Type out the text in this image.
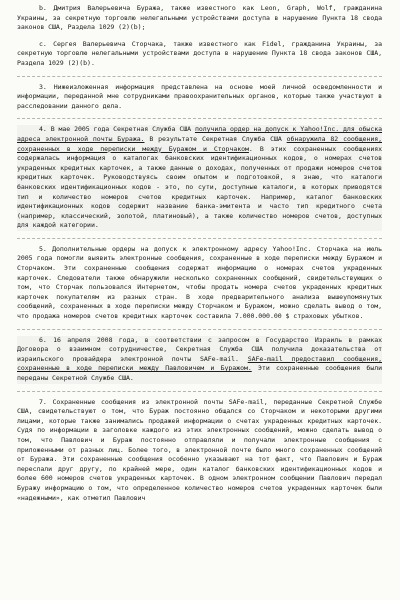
b. Дмитрия Валерьевича Буража, также известного как Leon, Graph, Wolf, гражданина Украины, за секретную торговлю нелегальными устройствами доступа в нарушение Пункта 18 свода законов США, Раздела 1029 (2)(b);

c. Сергея Валерьевича Сторчака, также известного как Fidel, гражданина Украины, за секретную торговлю нелегальными устройствами доступа в нарушение Пункта 18 свода законов США, Раздела 1029 (2)(b).

3. Нижеизложенная информация представлена на основе моей личной осведомленности и информации, переданной мне сотрудниками правоохранительных органов, которые также участвуют в расследовании данного дела.

4. В мае 2005 года Секретная Служба США получила ордер на допуск к Yahoo!Inc. для обыска адреса электронной почты Буража. В результате Секретная Служба США обнаружила 82 сообщения, сохраненных в ходе переписки между Буражом и Сторчаком. В этих сохраненных сообщениях содержалась информация о каталогах банковских идентификационных кодов, о номерах счетов украденных кредитных карточек, а также данные о доходах, полученных от продажи номеров счетов кредитных карточек. Руководствуясь своим опытом и подготовкой, я знаю, что каталоги банковских идентификационных кодов - это, по сути, доступные каталоги, в которых приводятся тип и количество номеров счетов кредитных карточек. Например, каталог банковских идентификационных кодов содержит название банка-эмитента и часто тип кредитного счета (например, классический, золотой, платиновый), а также количество номеров счетов, доступных для каждой категории.

5. Дополнительные ордеры на допуск к электронному адресу Yahoo!Inc. Сторчака на июль 2005 года помогли выявить электронные сообщения, сохраненные в ходе переписки между Буражом и Сторчаком. Эти сохраненные сообщения содержат информацию о номерах счетов украденных карточек. Следователи также обнаружили несколько сохраненных сообщений, свидетельствующих о том, что Сторчак пользовался Интернетом, чтобы продать номера счетов украденных кредитных карточек покупателям из разных стран. В ходе предварительного анализа вышеупомянутых сообщений, сохраненных в ходе переписки между Сторчаком и Буражом, можно сделать вывод о том, что продажа номеров счетов кредитных карточек составила 7.000.000.00 $ страховых убытков.

6. 16 апреля 2008 года, в соответствии с запросом в Государство Израиль в рамках Договора о взаимном сотрудничестве, Секретная Служба США получила доказательства от израильского провайдера электронной почты SAFe-mail. SAFe-mail предоставил сообщения, сохраненные в ходе переписки между Павловичем и Буражом. Эти сохраненные сообщения были переданы Секретной Службе США.

7. Сохраненные сообщения из электронной почты SAFe-mail, переданные Секретной Службе США, свидетельствуют о том, что Бураж постоянно общался со Сторчаком и некоторыми другими лицами, которые также занимались продажей информации о счетах украденных кредитных карточек. Судя по информации в заголовке каждого из этих электронных сообщений, можно сделать вывод о том, что Павлович и Бураж постоянно отправляли и получали электронные сообщения с приложенными от разных лиц. Более того, в электронной почте было много сохраненных сообщений от Буража. Эти сохраненные сообщения особенно указывают на тот факт, что Павлович и Бураж переслали друг другу, по крайней мере, один каталог банковских идентификационных кодов и более 600 номеров счетов украденных карточек. В одном электронном сообщении Павлович передал Буражу информацию о том, что определенное количество номеров счетов украденных карточек были «надежными», как отметил Павлович
